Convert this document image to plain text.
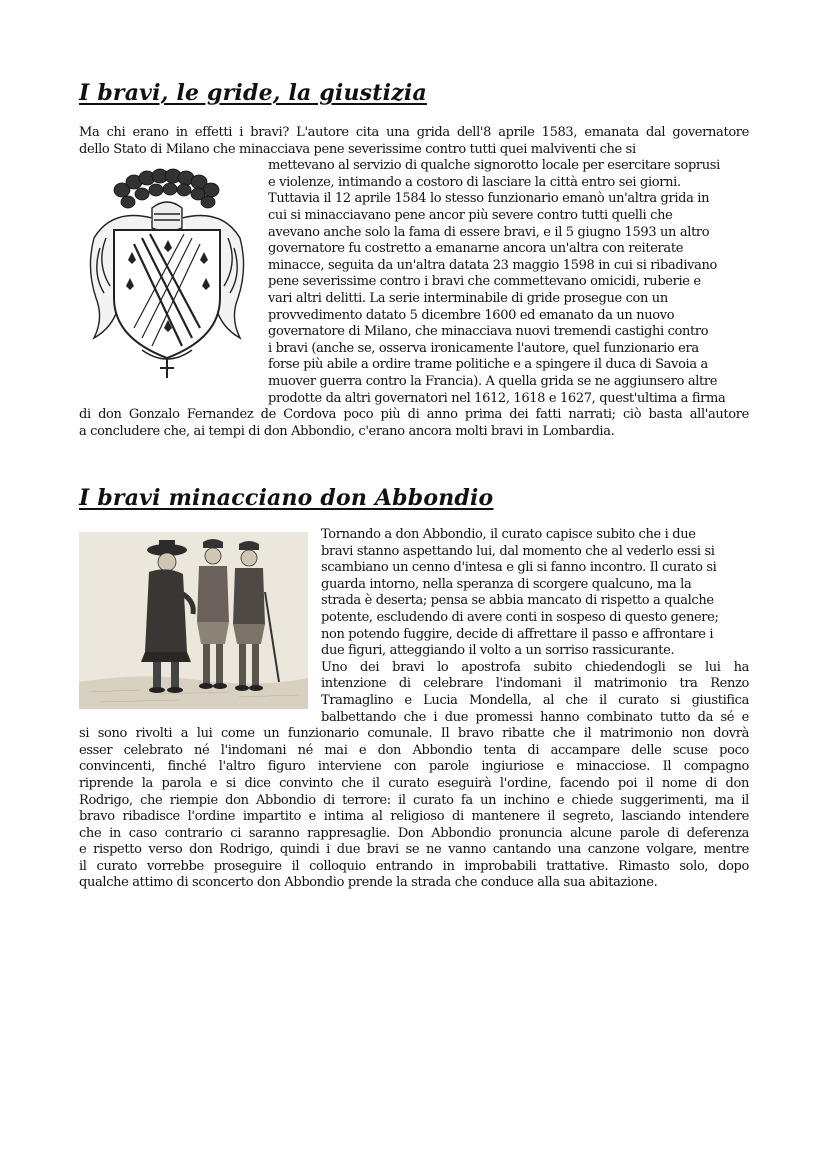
I bravi, le gride, la giustizia
Ma chi erano in effetti i bravi? L'autore cita una grida dell'8 aprile 1583, emanata dal governatore
dello Stato di Milano che minacciava pene severissime contro tutti quei malviventi che si
mettevano al servizio di qualche signorotto locale per esercitare soprusi
e violenze, intimando a costoro di lasciare la città entro sei giorni.
Tuttavia il 12 aprile 1584 lo stesso funzionario emanò un'altra grida in
cui si minacciavano pene ancor più severe contro tutti quelli che
avevano anche solo la fama di essere bravi, e il 5 giugno 1593 un altro
governatore fu costretto a emanarne ancora un'altra con reiterate
minacce, seguita da un'altra datata 23 maggio 1598 in cui si ribadivano
pene severissime contro i bravi che commettevano omicidi, ruberie e
vari altri delitti. La serie interminabile di gride prosegue con un
provvedimento datato 5 dicembre 1600 ed emanato da un nuovo
governatore di Milano, che minacciava nuovi tremendi castighi contro
i bravi (anche se, osserva ironicamente l'autore, quel funzionario era
forse più abile a ordire trame politiche e a spingere il duca di Savoia a
muover guerra contro la Francia). A quella grida se ne aggiunsero altre
prodotte da altri governatori nel 1612, 1618 e 1627, quest'ultima a firma
di don Gonzalo Fernandez de Cordova poco più di anno prima dei fatti narrati; ciò basta all'autore
a concludere che, ai tempi di don Abbondio, c'erano ancora molti bravi in Lombardia.
I bravi minacciano don Abbondio
Tornando a don Abbondio, il curato capisce subito che i due
bravi stanno aspettando lui, dal momento che al vederlo essi si
scambiano un cenno d'intesa e gli si fanno incontro. Il curato si
guarda intorno, nella speranza di scorgere qualcuno, ma la
strada è deserta; pensa se abbia mancato di rispetto a qualche
potente, escludendo di avere conti in sospeso di questo genere;
non potendo fuggire, decide di affrettare il passo e affrontare i
due figuri, atteggiando il volto a un sorriso rassicurante.
Uno dei bravi lo apostrofa subito chiedendogli se lui ha
intenzione di celebrare l'indomani il matrimonio tra Renzo
Tramaglino e Lucia Mondella, al che il curato si giustifica
balbettando che i due promessi hanno combinato tutto da sé e
si sono rivolti a lui come un funzionario comunale. Il bravo ribatte che il matrimonio non dovrà
esser celebrato né l'indomani né mai e don Abbondio tenta di accampare delle scuse poco
convincenti, finché l'altro figuro interviene con parole ingiuriose e minacciose. Il compagno
riprende la parola e si dice convinto che il curato eseguirà l'ordine, facendo poi il nome di don
Rodrigo, che riempie don Abbondio di terrore: il curato fa un inchino e chiede suggerimenti, ma il
bravo ribadisce l'ordine impartito e intima al religioso di mantenere il segreto, lasciando intendere
che in caso contrario ci saranno rappresaglie. Don Abbondio pronuncia alcune parole di deferenza
e rispetto verso don Rodrigo, quindi i due bravi se ne vanno cantando una canzone volgare, mentre
il curato vorrebbe proseguire il colloquio entrando in improbabili trattative. Rimasto solo, dopo
qualche attimo di sconcerto don Abbondio prende la strada che conduce alla sua abitazione.
